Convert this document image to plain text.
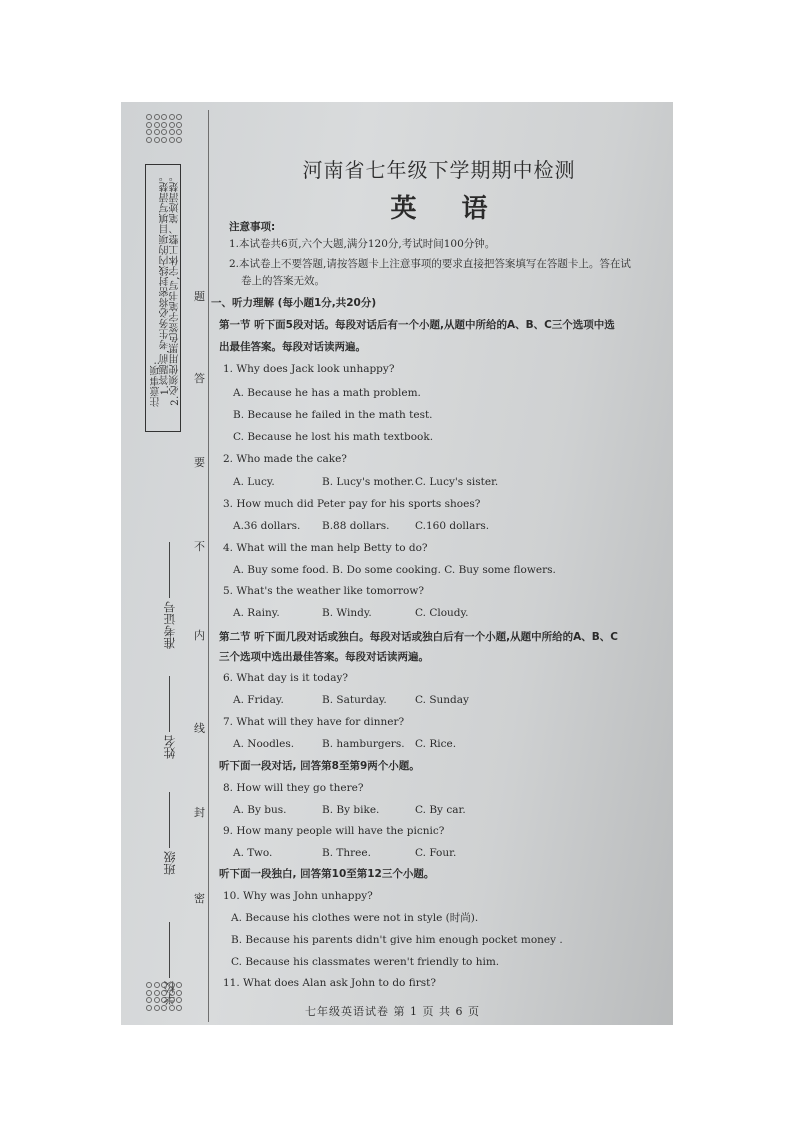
注意事项:
1.答题前,考生务必将密封线内的项目填写清楚。 2.必须使用黑色签字笔书写,字体工整、笔迹清楚。 题
答
要
不
内
线
封
密
准考证号
姓名
班级
学校
河南省七年级下学期期中检测
英 语
注意事项:
1.本试卷共6页,六个大题,满分120分,考试时间100分钟。
2.本试卷上不要答题,请按答题卡上注意事项的要求直接把答案填写在答题卡上。答在试
卷上的答案无效。
一、听力理解 (每小题1分,共20分)
第一节 听下面5段对话。每段对话后有一个小题,从题中所给的A、B、C三个选项中选
出最佳答案。每段对话读两遍。
1. Why does Jack look unhappy?
A. Because he has a math problem.
B. Because he failed in the math test.
C. Because he lost his math textbook.
2. Who made the cake?
A. Lucy.	B. Lucy's mother. C. Lucy's sister.
3. How much did Peter pay for his sports shoes?
A.36 dollars. B.88 dollars. C.160 dollars.
4. What will the man help Betty to do?
A. Buy some food. B. Do some cooking. C. Buy some flowers.
5. What's the weather like tomorrow?
A. Rainy.	B. Windy.	C. Cloudy.
第二节 听下面几段对话或独白。每段对话或独白后有一个小题,从题中所给的A、B、C
三个选项中选出最佳答案。每段对话读两遍。
6. What day is it today?
A. Friday.	B. Saturday.	C. Sunday
7. What will they have for dinner?
A. Noodles.	B. hamburgers. C. Rice.
听下面一段对话, 回答第8至第9两个小题。
8. How will they go there?
A. By bus.	B. By bike.	C. By car.
9. How many people will have the picnic?
A. Two.	B. Three.	C. Four.
听下面一段独白, 回答第10至第12三个小题。
10. Why was John unhappy?
A. Because his clothes were not in style (时尚).
B. Because his parents didn't give him enough pocket money .
C. Because his classmates weren't friendly to him.
11. What does Alan ask John to do first?
七年级英语试卷 第 1 页 共 6 页
